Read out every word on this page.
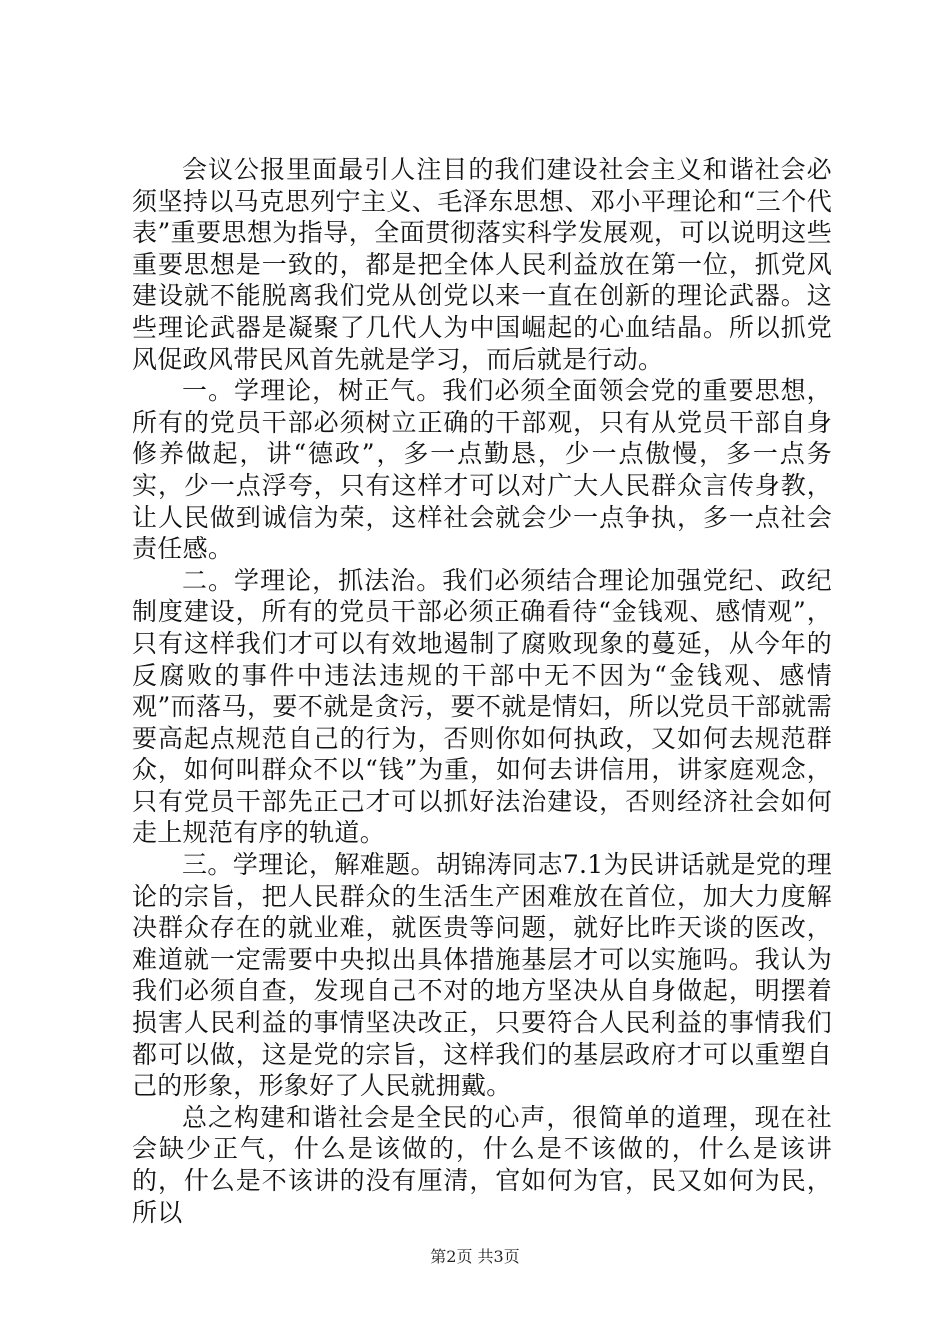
会议公报里面最引人注目的我们建设社会主义和谐社会必须坚持以马克思列宁主义、毛泽东思想、邓小平理论和“三个代表”重要思想为指导，全面贯彻落实科学发展观，可以说明这些重要思想是一致的，都是把全体人民利益放在第一位，抓党风建设就不能脱离我们党从创党以来一直在创新的理论武器。这些理论武器是凝聚了几代人为中国崛起的心血结晶。所以抓党风促政风带民风首先就是学习，而后就是行动。

一。学理论，树正气。我们必须全面领会党的重要思想，所有的党员干部必须树立正确的干部观，只有从党员干部自身修养做起，讲“德政”，多一点勤恳，少一点傲慢，多一点务实，少一点浮夸，只有这样才可以对广大人民群众言传身教，让人民做到诚信为荣，这样社会就会少一点争执，多一点社会责任感。

二。学理论，抓法治。我们必须结合理论加强党纪、政纪制度建设，所有的党员干部必须正确看待“金钱观、感情观”，只有这样我们才可以有效地遏制了腐败现象的蔓延，从今年的反腐败的事件中违法违规的干部中无不因为“金钱观、感情观”而落马，要不就是贪污，要不就是情妇，所以党员干部就需要高起点规范自己的行为，否则你如何执政，又如何去规范群众，如何叫群众不以“钱”为重，如何去讲信用，讲家庭观念，只有党员干部先正己才可以抓好法治建设，否则经济社会如何走上规范有序的轨道。

三。学理论，解难题。胡锦涛同志7.1为民讲话就是党的理论的宗旨，把人民群众的生活生产困难放在首位，加大力度解决群众存在的就业难，就医贵等问题，就好比昨天谈的医改，难道就一定需要中央拟出具体措施基层才可以实施吗。我认为我们必须自查，发现自己不对的地方坚决从自身做起，明摆着损害人民利益的事情坚决改正，只要符合人民利益的事情我们都可以做，这是党的宗旨，这样我们的基层政府才可以重塑自己的形象，形象好了人民就拥戴。

总之构建和谐社会是全民的心声，很简单的道理，现在社会缺少正气，什么是该做的，什么是不该做的，什么是该讲的，什么是不该讲的没有厘清，官如何为官，民又如何为民，所以

第2页 共3页
